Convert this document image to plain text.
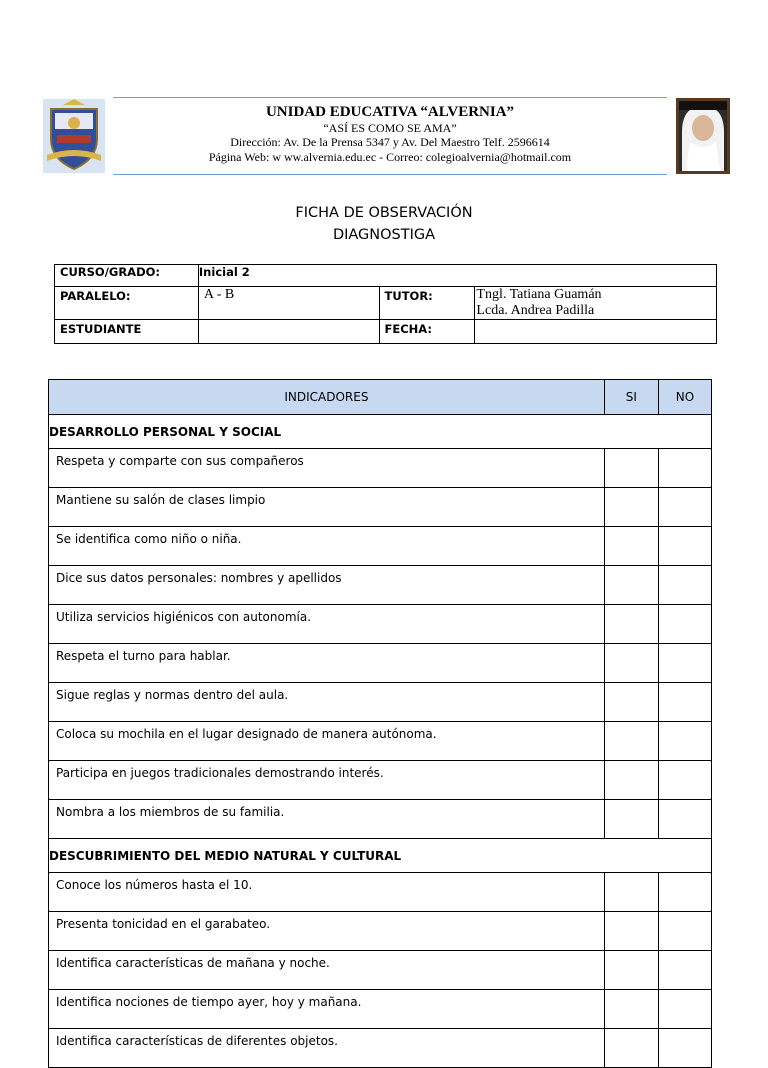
UNIDAD EDUCATIVA “ALVERNIA”
“ASÍ ES COMO SE AMA”
Dirección: Av. De la Prensa 5347 y Av. Del Maestro Telf. 2596614
Página Web: w ww.alvernia.edu.ec - Correo: colegioalvernia@hotmail.com
FICHA DE OBSERVACIÓN
DIAGNOSTIGA
CURSO/GRADO:	Inicial 2		
PARALELO:	A - B	TUTOR:	Tngl. Tatiana Guamán
Lcda. Andrea Padilla

ESTUDIANTE		FECHA:	
INDICADORES	SI	NO
DESARROLLO PERSONAL Y SOCIAL		
Respeta y comparte con sus compañeros		
Mantiene su salón de clases limpio		
Se identifica como niño o niña.		
Dice sus datos personales: nombres y apellidos		
Utiliza servicios higiénicos con autonomía.		
Respeta el turno para hablar.		
Sigue reglas y normas dentro del aula.		
Coloca su mochila en el lugar designado de manera autónoma.		
Participa en juegos tradicionales demostrando interés.		
Nombra a los miembros de su familia.		
DESCUBRIMIENTO DEL MEDIO NATURAL Y CULTURAL		
Conoce los números hasta el 10.		
Presenta tonicidad en el garabateo.		
Identifica características de mañana y noche.		
Identifica nociones de tiempo ayer, hoy y mañana.		
Identifica características de diferentes objetos.		
